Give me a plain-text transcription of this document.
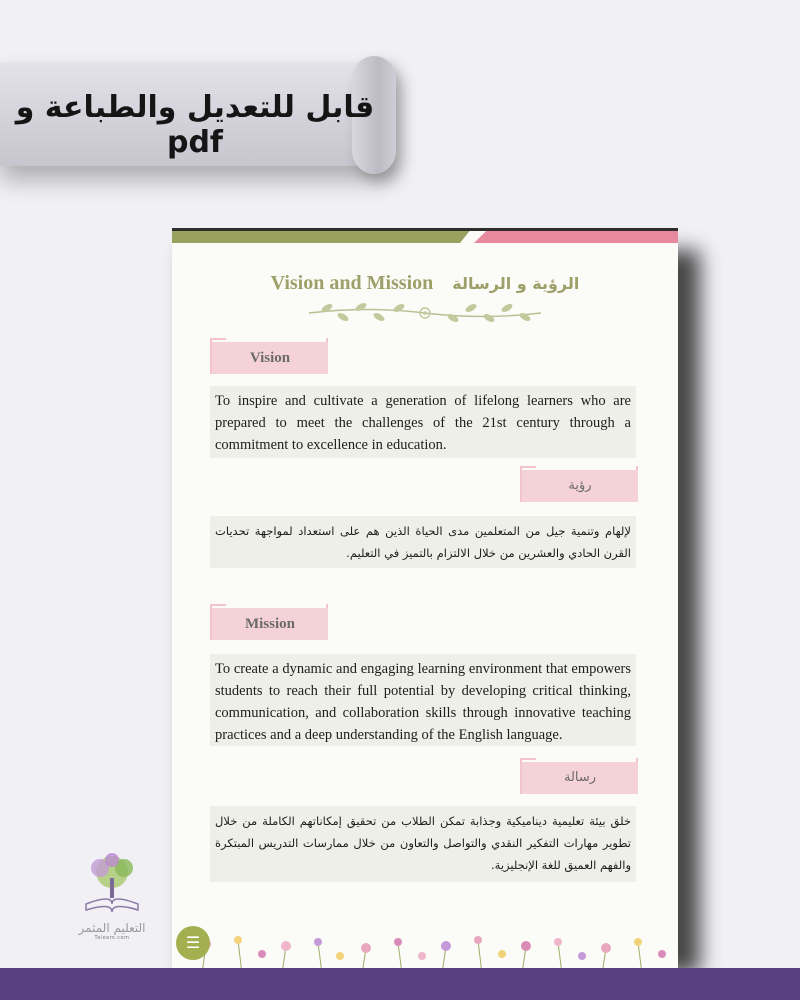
قابل للتعديل والطباعة و pdf
Vision and Mission الرؤية و الرسالة
Vision
To inspire and cultivate a generation of lifelong learners who are prepared to meet the challenges of the 21st century through a commitment to excellence in education.
رؤية
لإلهام وتنمية جيل من المتعلمين مدى الحياة الذين هم على استعداد لمواجهة تحديات القرن الحادي والعشرين من خلال الالتزام بالتميز في التعليم.
Mission
To create a dynamic and engaging learning environment that empowers students to reach their full potential by developing critical thinking, communication, and collaboration skills through innovative teaching practices and a deep understanding of the English language.
رسالة
خلق بيئة تعليمية ديناميكية وجذابة تمكن الطلاب من تحقيق إمكاناتهم الكاملة من خلال تطوير مهارات التفكير النقدي والتواصل والتعاون من خلال ممارسات التدريس المبتكرة والفهم العميق للغة الإنجليزية.
☰
التعليم المثمر
Taleem.com
